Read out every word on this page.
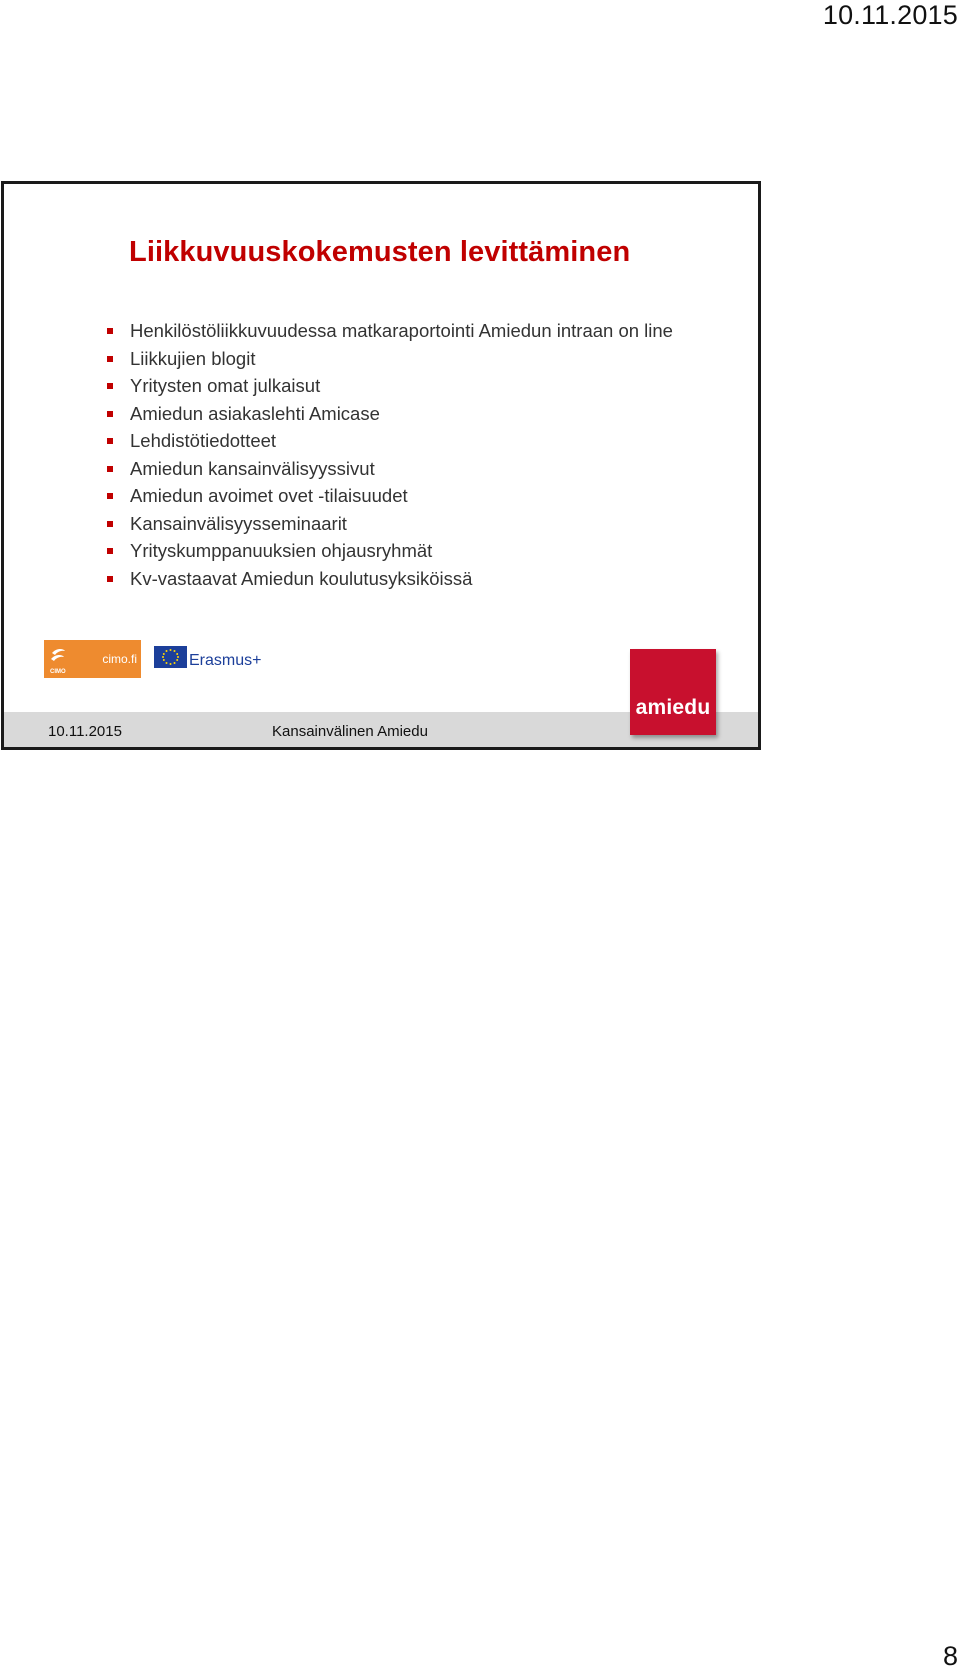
10.11.2015
Liikkuvuuskokemusten levittäminen
Henkilöstöliikkuvuudessa matkaraportointi Amiedun intraan on line
Liikkujien blogit
Yritysten omat julkaisut
Amiedun asiakaslehti Amicase
Lehdistötiedotteet
Amiedun kansainvälisyyssivut
Amiedun avoimet ovet -tilaisuudet
Kansainvälisyysseminaarit
Yrityskumppanuuksien ohjausryhmät
Kv-vastaavat Amiedun koulutusyksiköissä
CIMO
cimo.fi	Erasmus+
10.11.2015	Kansainvälinen Amiedu
amiedu
8
